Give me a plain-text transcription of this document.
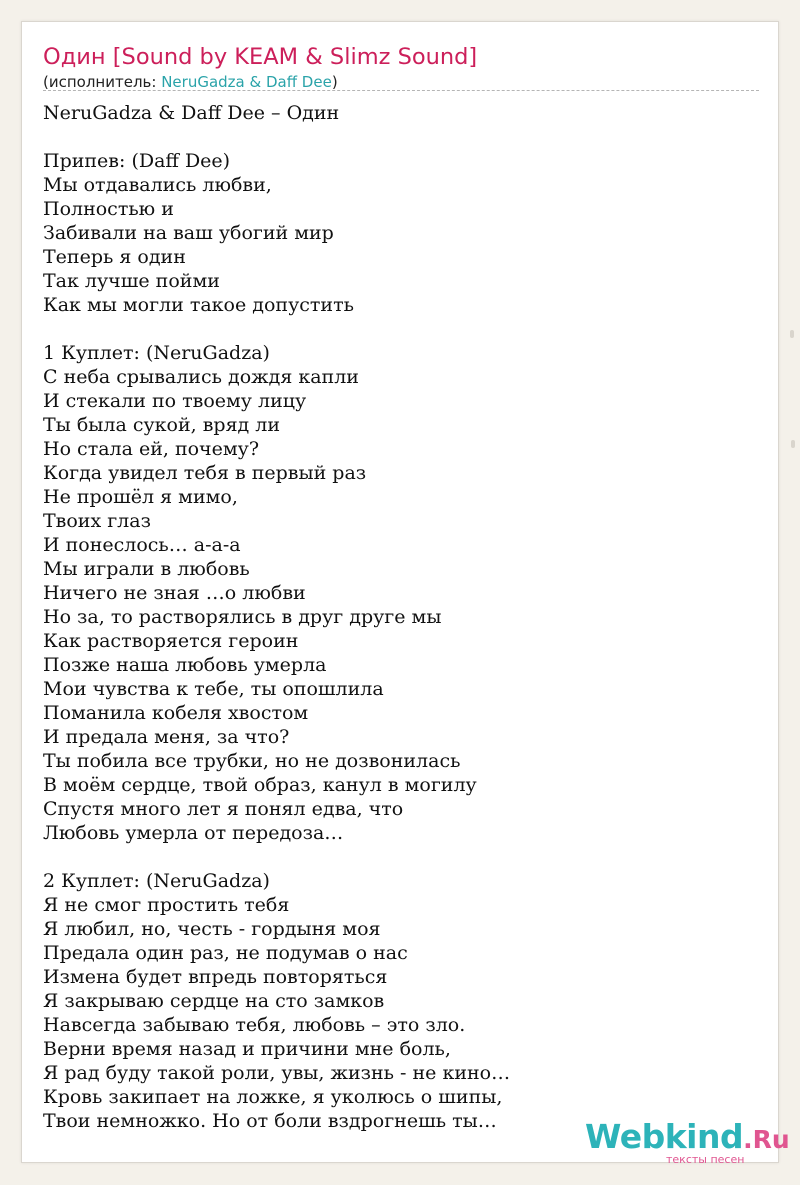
Один [Sound by KEAM & Slimz Sound]
(исполнитель: NeruGadza & Daff Dee)
NeruGadza & Daff Dee – Один
Припев: (Daff Dee)
Мы отдавались любви,
Полностью и
Забивали на ваш убогий мир
Теперь я один
Так лучше пойми
Как мы могли такое допустить
1 Куплет: (NeruGadza)
С неба срывались дождя капли
И стекали по твоему лицу
Ты была сукой, вряд ли
Но стала ей, почему?
Когда увидел тебя в первый раз
Не прошёл я мимо,
Твоих глаз
И понеслось… а-а-а
Мы играли в любовь
Ничего не зная …о любви
Но за, то растворялись в друг друге мы
Как растворяется героин
Позже наша любовь умерла
Мои чувства к тебе, ты опошлила
Поманила кобеля хвостом
И предала меня, за что?
Ты побила все трубки, но не дозвонилась
В моём сердце, твой образ, канул в могилу
Спустя много лет я понял едва, что
Любовь умерла от передоза…
2 Куплет: (NeruGadza)
Я не смог простить тебя
Я любил, но, честь - гордыня моя
Предала один раз, не подумав о нас
Измена будет впредь повторяться
Я закрываю сердце на сто замков
Навсегда забываю тебя, любовь – это зло.
Верни время назад и причини мне боль,
Я рад буду такой роли, увы, жизнь - не кино…
Кровь закипает на ложке, я уколюсь о шипы,
Твои немножко. Но от боли вздрогнешь ты…	Webkind.Ru
тексты песен
